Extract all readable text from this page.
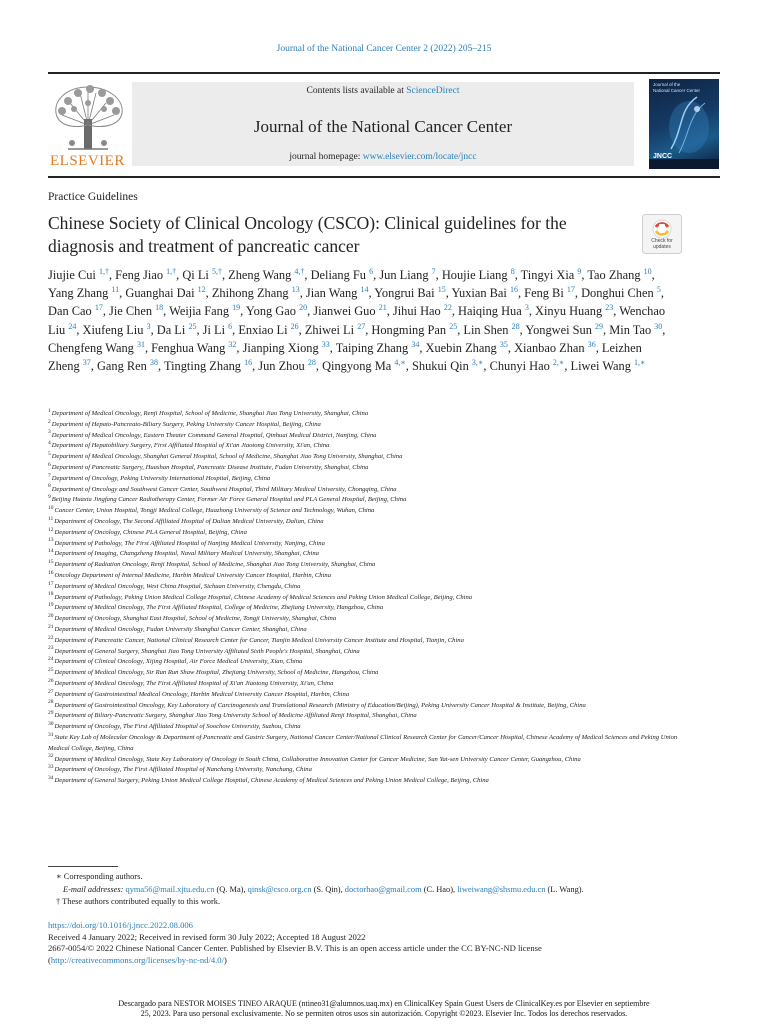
Journal of the National Cancer Center 2 (2022) 205–215
ELSEVIER
Contents lists available at ScienceDirect
Journal of the National Cancer Center
journal homepage: www.elsevier.com/locate/jncc
Journal of the
National Cancer Center
JNCC
Practice Guidelines
Chinese Society of Clinical Oncology (CSCO): Clinical guidelines for the diagnosis and treatment of pancreatic cancer	Check for
updates
Jiujie Cui $^{1,\dagger}$, Feng Jiao $^{1,\dagger}$, Qi Li $^{5,\dagger}$, Zheng Wang $^{4,\dagger}$, Deliang Fu $^6$, Jun Liang $^7$, Houjie Liang $^8$, Tingyi Xia $^9$, Tao Zhang $^{10}$, Yang Zhang $^{11}$, Guanghai Dai $^{12}$, Zhihong Zhang $^{13}$, Jian Wang $^{14}$, Yongrui Bai $^{15}$, Yuxian Bai $^{16}$, Feng Bi $^{17}$, Donghui Chen $^5$, Dan Cao $^{17}$, Jie Chen $^{18}$, Weijia Fang $^{19}$, Yong Gao $^{20}$, Jianwei Guo $^{21}$, Jihui Hao $^{22}$, Haiqing Hua $^3$, Xinyu Huang $^{23}$, Wenchao Liu $^{24}$, Xiufeng Liu $^3$, Da Li $^{25}$, Ji Li $^6$, Enxiao Li $^{26}$, Zhiwei Li $^{27}$, Hongming Pan $^{25}$, Lin Shen $^{28}$, Yongwei Sun $^{29}$, Min Tao $^{30}$, Chengfeng Wang $^{31}$, Fenghua Wang $^{32}$, Jianping Xiong $^{33}$, Taiping Zhang $^{34}$, Xuebin Zhang $^{35}$, Xianbao Zhan $^{36}$, Leizhen Zheng $^{37}$, Gang Ren $^{38}$, Tingting Zhang $^{16}$, Jun Zhou $^{28}$, Qingyong Ma $^{4,∗}$, Shukui Qin $^{3,∗}$, Chunyi Hao $^{2,∗}$, Liwei Wang $^{1,∗}$
$^1$Department of Medical Oncology, Renji Hospital, School of Medicine, Shanghai Jiao Tong University, Shanghai, China
$^2$Department of Hepato-Pancreato-Biliary Surgery, Peking University Cancer Hospital, Beijing, China
$^3$Department of Medical Oncology, Eastern Theater Command General Hospital, Qinhuai Medical District, Nanjing, China
$^4$Department of Hepatobiliary Surgery, First Affiliated Hospital of Xi'an Jiaotong University, Xi'an, China
$^5$Department of Medical Oncology, Shanghai General Hospital, School of Medicine, Shanghai Jiao Tong University, Shanghai, China
$^6$Department of Pancreatic Surgery, Huashan Hospital, Pancreatic Disease Institute, Fudan University, Shanghai, China
$^7$Department of Oncology, Peking University International Hospital, Beijing, China
$^8$Department of Oncology and Southwest Cancer Center, Southwest Hospital, Third Military Medical University, Chongqing, China
$^9$Beijing Huaxia Jingfang Cancer Radiotherapy Center, Former Air Force General Hospital and PLA General Hospital, Beijing, China
$^{10}$Cancer Center, Union Hospital, Tongji Medical College, Huazhong University of Science and Technology, Wuhan, China
$^{11}$Department of Oncology, The Second Affiliated Hospital of Dalian Medical University, Dalian, China
$^{12}$Department of Oncology, Chinese PLA General Hospital, Beijing, China
$^{13}$Department of Pathology, The First Affiliated Hospital of Nanjing Medical University, Nanjing, China
$^{14}$Department of Imaging, Changzheng Hospital, Naval Military Medical University, Shanghai, China
$^{15}$Department of Radiation Oncology, Renji Hospital, School of Medicine, Shanghai Jiao Tong University, Shanghai, China
$^{16}$Oncology Department of Internal Medicine, Harbin Medical University Cancer Hospital, Harbin, China
$^{17}$Department of Medical Oncology, West China Hospital, Sichuan University, Chengdu, China
$^{18}$Department of Pathology, Peking Union Medical College Hospital, Chinese Academy of Medical Sciences and Peking Union Medical College, Beijing, China
$^{19}$Department of Medical Oncology, The First Affiliated Hospital, College of Medicine, Zhejiang University, Hangzhou, China
$^{20}$Department of Oncology, Shanghai East Hospital, School of Medicine, Tongji University, Shanghai, China
$^{21}$Department of Medical Oncology, Fudan University Shanghai Cancer Center, Shanghai, China
$^{22}$Department of Pancreatic Cancer, National Clinical Research Center for Cancer, Tianjin Medical University Cancer Institute and Hospital, Tianjin, China
$^{23}$Department of General Surgery, Shanghai Jiao Tong University Affiliated Sixth People's Hospital, Shanghai, China
$^{24}$Department of Clinical Oncology, Xijing Hospital, Air Force Medical University, Xian, China
$^{25}$Department of Medical Oncology, Sir Run Run Shaw Hospital, Zhejiang University, School of Medicine, Hangzhou, China
$^{26}$Department of Medical Oncology, The First Affiliated Hospital of Xi'an Jiaotong University, Xi'an, China
$^{27}$Department of Gastrointestinal Medical Oncology, Harbin Medical University Cancer Hospital, Harbin, China
$^{28}$Department of Gastrointestinal Oncology, Key Laboratory of Carcinogenesis and Translational Research (Ministry of Education/Beijing), Peking University Cancer Hospital & Institute, Beijing, China
$^{29}$Department of Biliary-Pancreatic Surgery, Shanghai Jiao Tong University School of Medicine Affiliated Renji Hospital, Shanghai, China
$^{30}$Department of Oncology, The First Affiliated Hospital of Soochow University, Suzhou, China
$^{31}$State Key Lab of Molecular Oncology & Department of Pancreatic and Gastric Surgery, National Cancer Center/National Clinical Research Center for Cancer/Cancer Hospital, Chinese Academy of Medical Sciences and Peking Union Medical College, Beijing, China
$^{32}$Department of Medical Oncology, State Key Laboratory of Oncology in South China, Collaborative Innovation Center for Cancer Medicine, Sun Yat-sen University Cancer Center, Guangzhou, China
$^{33}$Department of Oncology, The First Affiliated Hospital of Nanchang University, Nanchang, China
$^{34}$Department of General Surgery, Peking Union Medical College Hospital, Chinese Academy of Medical Sciences and Peking Union Medical College, Beijing, China
∗ Corresponding authors.
E-mail addresses: qyma56@mail.xjtu.edu.cn (Q. Ma), qinsk@csco.org.cn (S. Qin), doctorhao@gmail.com (C. Hao), liweiwang@shsmu.edu.cn (L. Wang).
† These authors contributed equally to this work.
https://doi.org/10.1016/j.jncc.2022.08.006
Received 4 January 2022; Received in revised form 30 July 2022; Accepted 18 August 2022
2667-0054/© 2022 Chinese National Cancer Center. Published by Elsevier B.V. This is an open access article under the CC BY-NC-ND license
(http://creativecommons.org/licenses/by-nc-nd/4.0/)
Descargado para NESTOR MOISES TINEO ARAQUE (ntineo31@alumnos.uaq.mx) en ClinicalKey Spain Guest Users de ClinicalKey.es por Elsevier en septiembre
25, 2023. Para uso personal exclusivamente. No se permiten otros usos sin autorización. Copyright ©2023. Elsevier Inc. Todos los derechos reservados.
